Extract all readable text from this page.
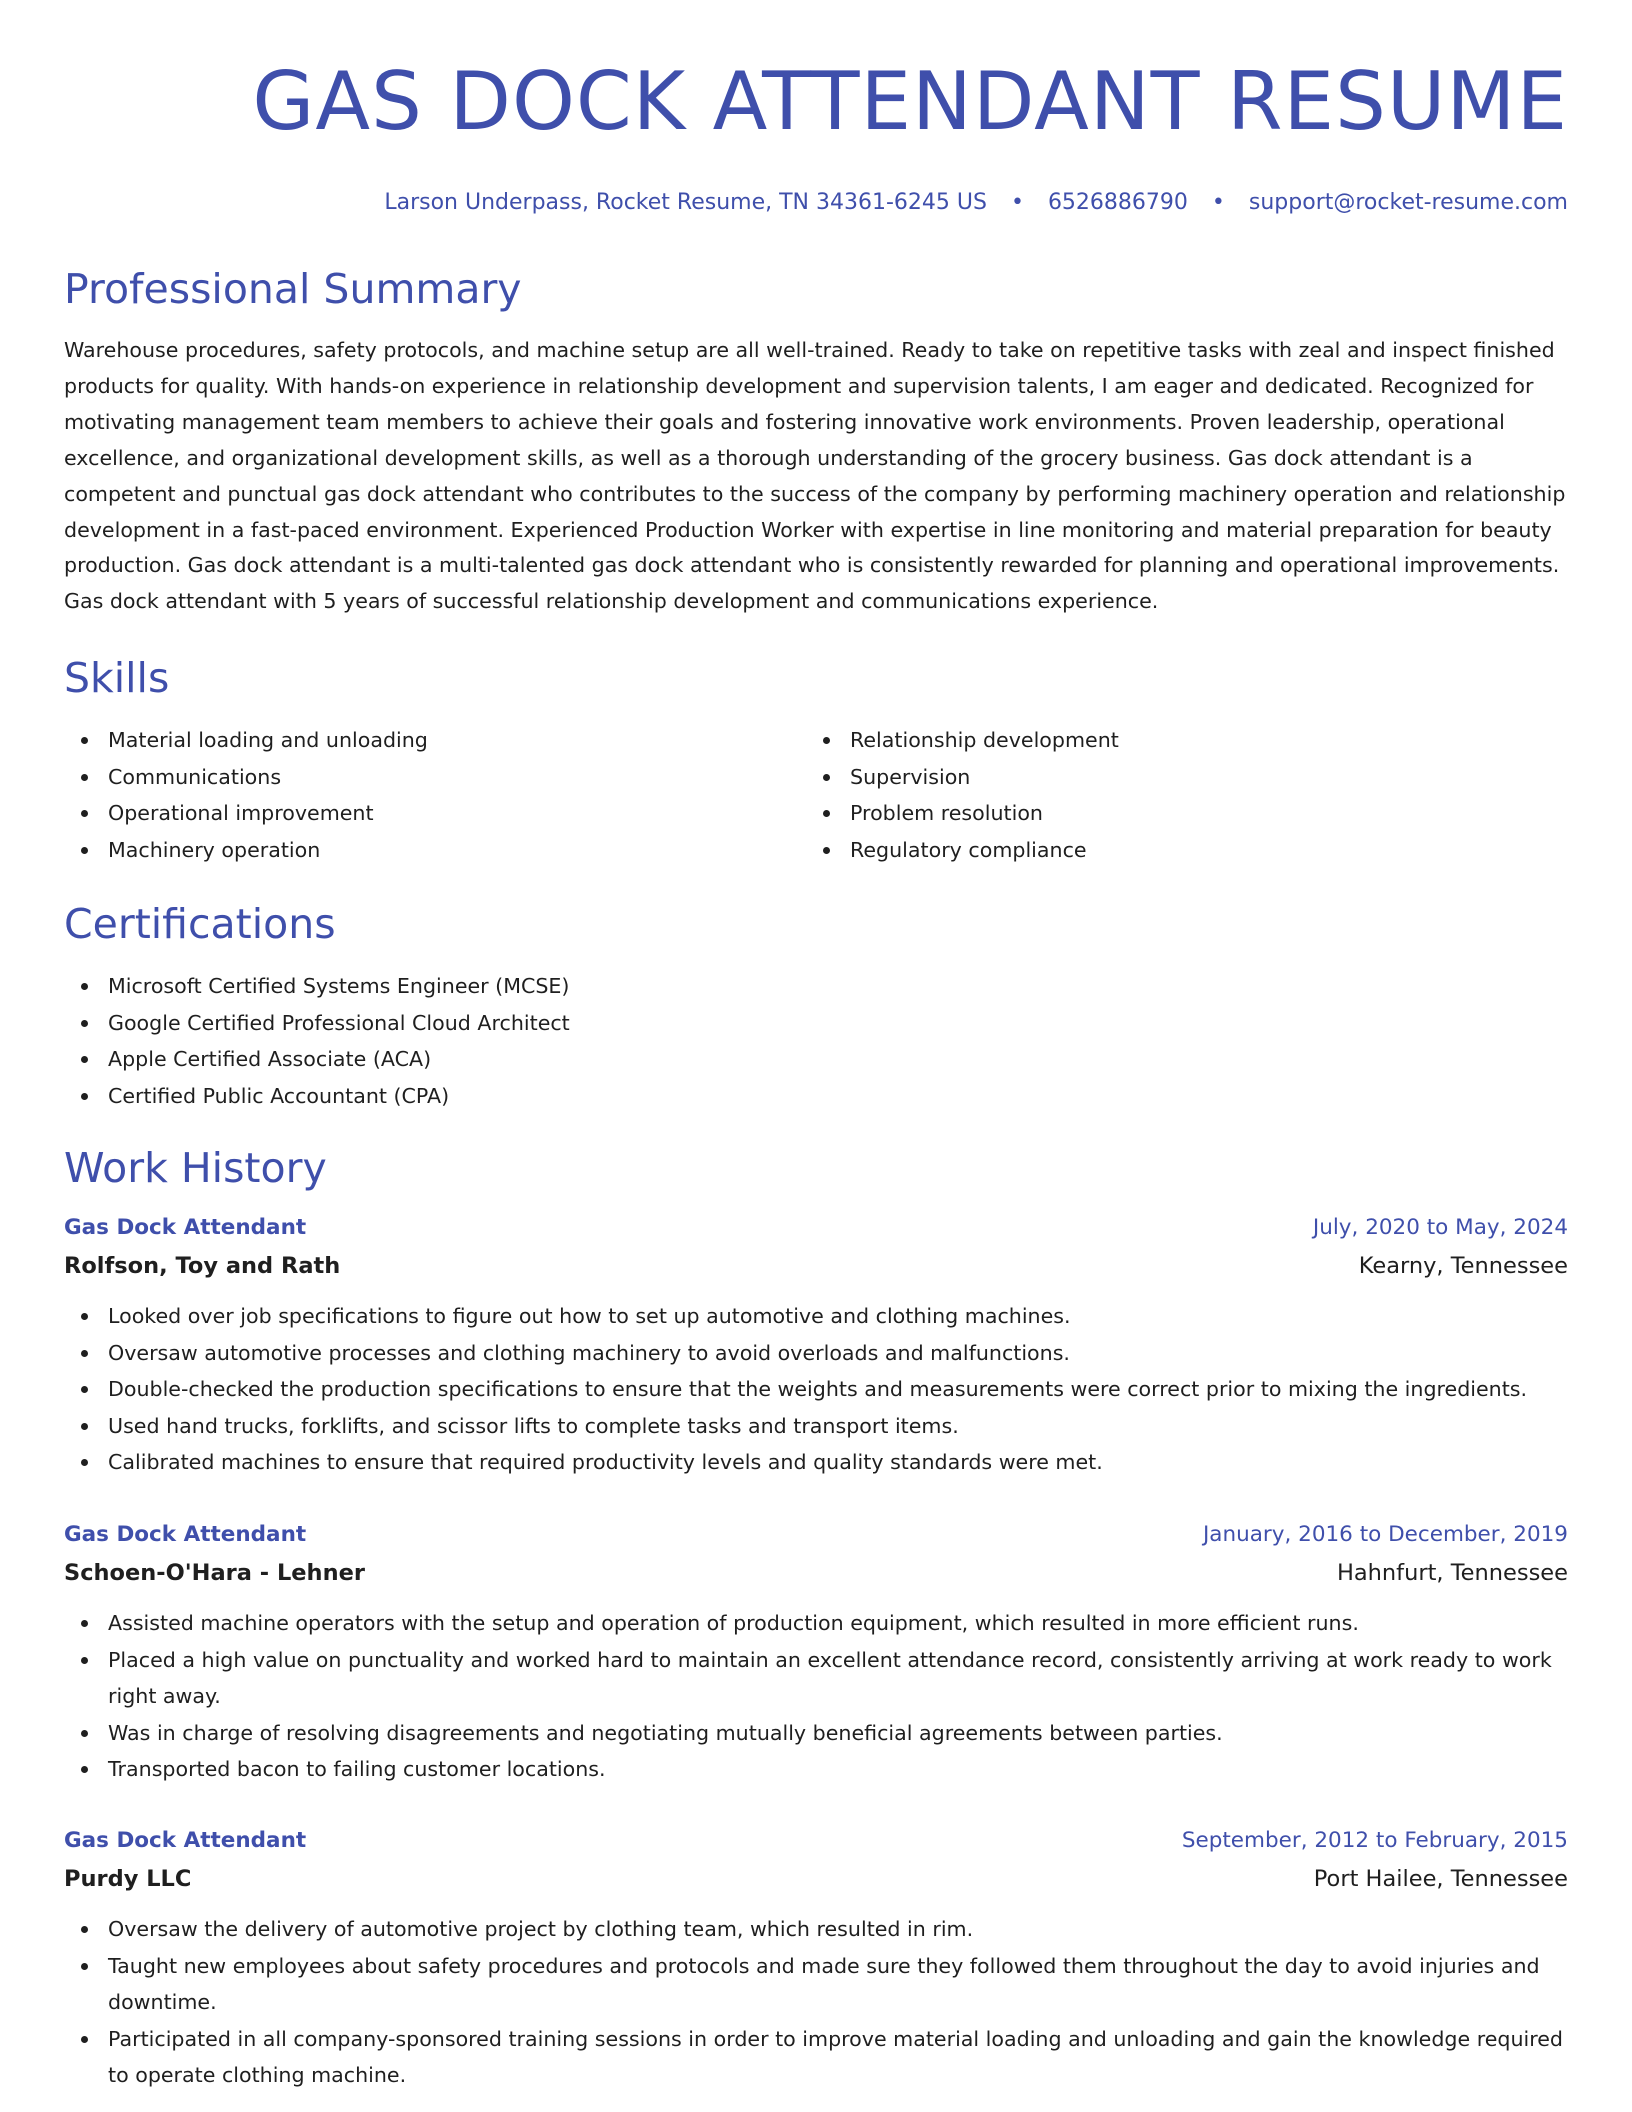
GAS DOCK ATTENDANT RESUME
Larson Underpass, Rocket Resume, TN 34361-6245 US • 6526886790 • support@rocket-resume.com
Professional Summary

Warehouse procedures, safety protocols, and machine setup are all well-trained. Ready to take on repetitive tasks with zeal and inspect finished products for quality. With hands-on experience in relationship development and supervision talents, I am eager and dedicated. Recognized for motivating management team members to achieve their goals and fostering innovative work environments. Proven leadership, operational excellence, and organizational development skills, as well as a thorough understanding of the grocery business. Gas dock attendant is a competent and punctual gas dock attendant who contributes to the success of the company by performing machinery operation and relationship development in a fast-paced environment. Experienced Production Worker with expertise in line monitoring and material preparation for beauty production. Gas dock attendant is a multi-talented gas dock attendant who is consistently rewarded for planning and operational improvements. Gas dock attendant with 5 years of successful relationship development and communications experience.

Skills
Material loading and unloading
Communications
Operational improvement
Machinery operation
Relationship development
Supervision
Problem resolution
Regulatory compliance
Certifications
Microsoft Certified Systems Engineer (MCSE)
Google Certified Professional Cloud Architect
Apple Certified Associate (ACA)
Certified Public Accountant (CPA)
Work History
Gas Dock Attendant	July, 2020 to May, 2024
Rolfson, Toy and Rath	Kearny, Tennessee
Looked over job specifications to figure out how to set up automotive and clothing machines.
Oversaw automotive processes and clothing machinery to avoid overloads and malfunctions.
Double-checked the production specifications to ensure that the weights and measurements were correct prior to mixing the ingredients.
Used hand trucks, forklifts, and scissor lifts to complete tasks and transport items.
Calibrated machines to ensure that required productivity levels and quality standards were met.
Gas Dock Attendant	January, 2016 to December, 2019
Schoen-O'Hara - Lehner	Hahnfurt, Tennessee
Assisted machine operators with the setup and operation of production equipment, which resulted in more efficient runs.
Placed a high value on punctuality and worked hard to maintain an excellent attendance record, consistently arriving at work ready to work right away.
Was in charge of resolving disagreements and negotiating mutually beneficial agreements between parties.
Transported bacon to failing customer locations.
Gas Dock Attendant	September, 2012 to February, 2015
Purdy LLC	Port Hailee, Tennessee
Oversaw the delivery of automotive project by clothing team, which resulted in rim.
Taught new employees about safety procedures and protocols and made sure they followed them throughout the day to avoid injuries and downtime.
Participated in all company-sponsored training sessions in order to improve material loading and unloading and gain the knowledge required to operate clothing machine.
